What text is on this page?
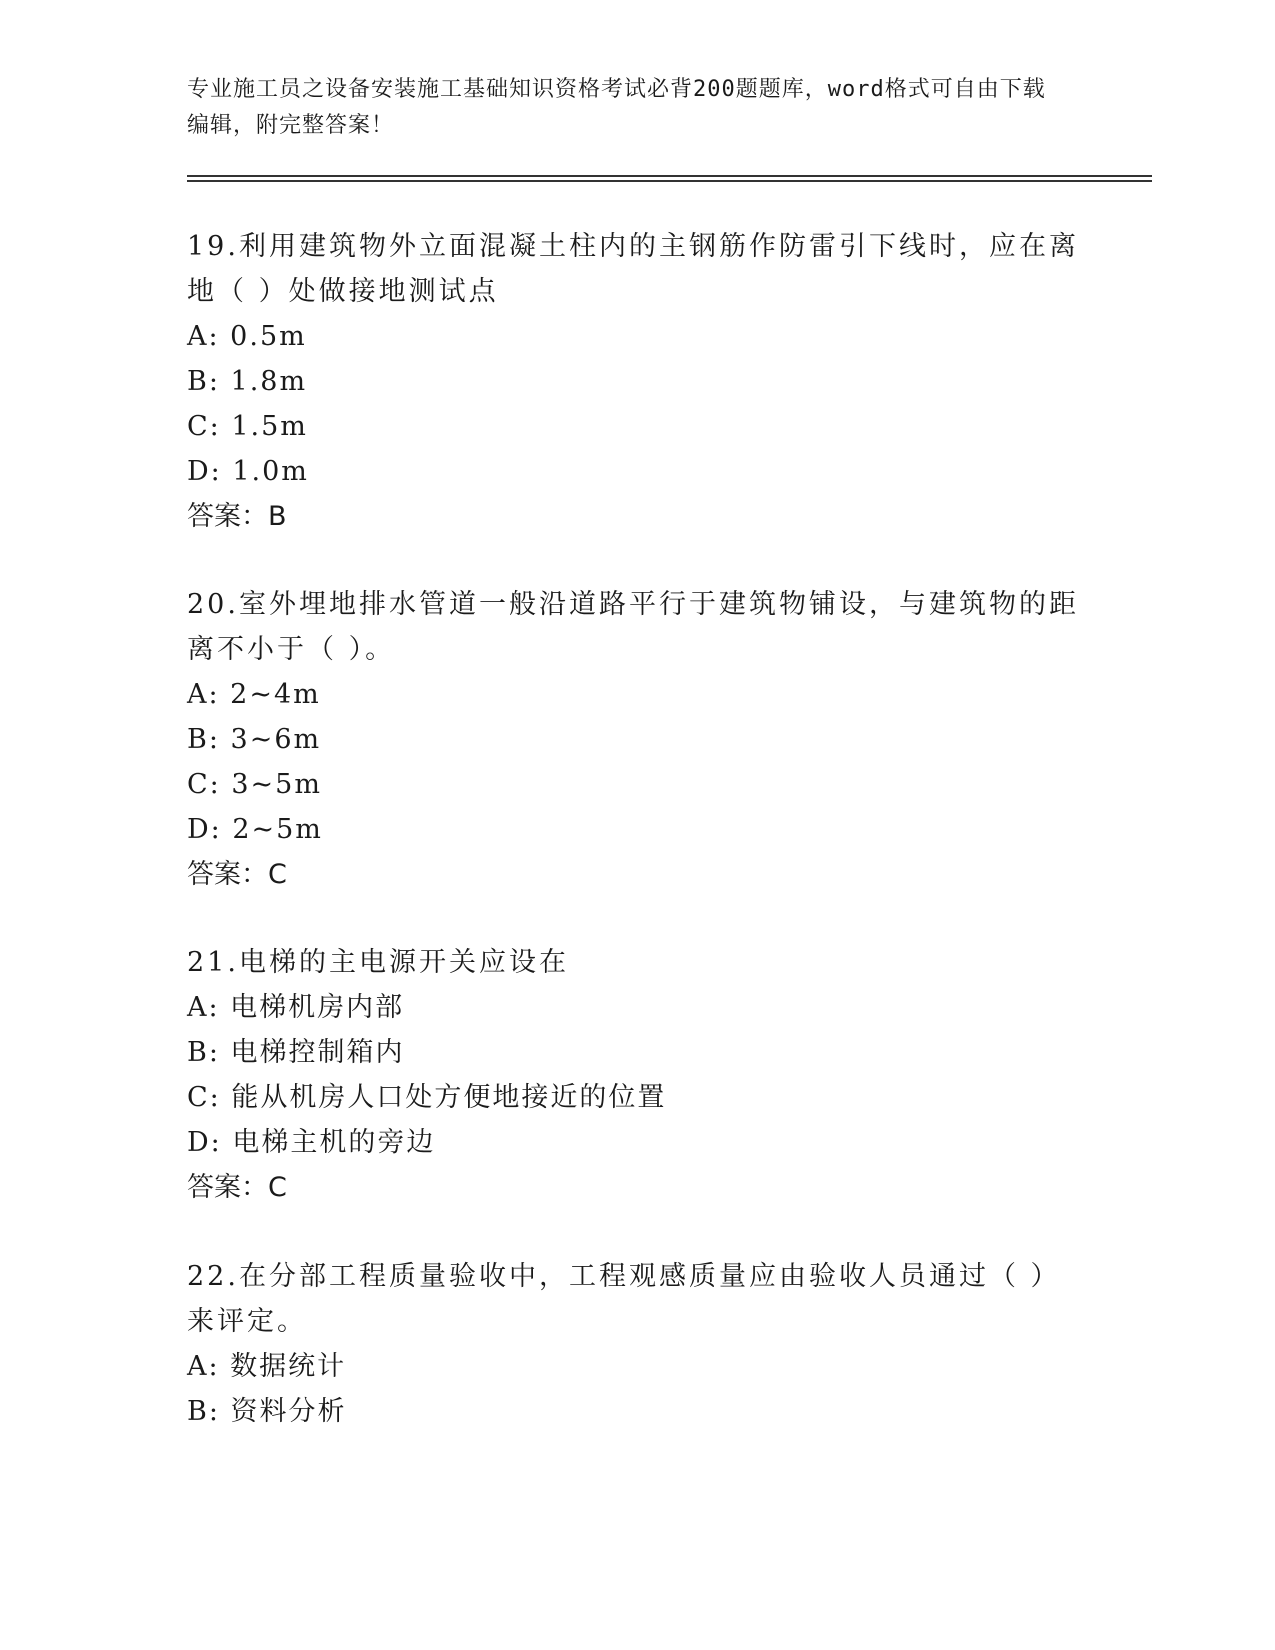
专业施工员之设备安装施工基础知识资格考试必背200题题库，word格式可自由下载编辑，附完整答案！
19.利用建筑物外立面混凝土柱内的主钢筋作防雷引下线时，应在离地（ ）处做接地测试点
A: 0.5m
B: 1.8m
C: 1.5m
D: 1.0m
答案：B
20.室外埋地排水管道一般沿道路平行于建筑物铺设，与建筑物的距离不小于（ ）。
A: 2~4m
B: 3~6m
C: 3~5m
D: 2~5m
答案：C
21.电梯的主电源开关应设在
A: 电梯机房内部
B: 电梯控制箱内
C: 能从机房人口处方便地接近的位置
D: 电梯主机的旁边
答案：C
22.在分部工程质量验收中，工程观感质量应由验收人员通过（ ）来评定。
A: 数据统计
B: 资料分析
